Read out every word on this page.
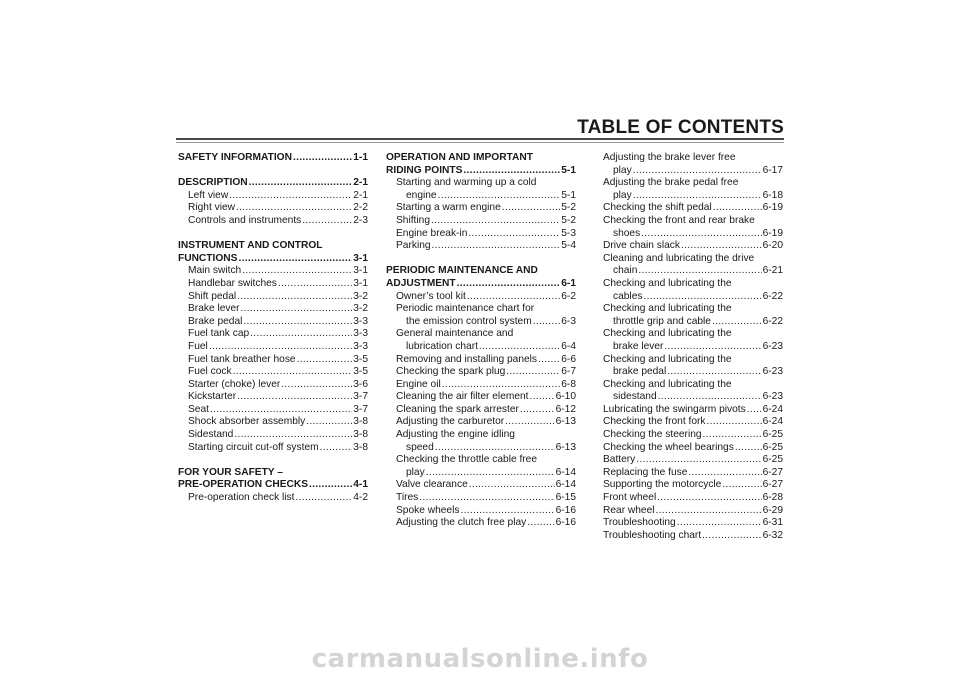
TABLE OF CONTENTS
SAFETY INFORMATION .....	1-1
DESCRIPTION .....	2-1
Left view .....	2-1
Right view .....	2-2
Controls and instruments .....	2-3
INSTRUMENT AND CONTROL
FUNCTIONS .....	3-1
Main switch .....	3-1
Handlebar switches .....	3-1
Shift pedal .....	3-2
Brake lever .....	3-2
Brake pedal .....	3-3
Fuel tank cap .....	3-3
Fuel .....	3-3
Fuel tank breather hose .....	3-5
Fuel cock .....	3-5
Starter (choke) lever .....	3-6
Kickstarter .....	3-7
Seat .....	3-7
Shock absorber assembly .....	3-8
Sidestand .....	3-8
Starting circuit cut-off system .....	3-8
FOR YOUR SAFETY –
PRE-OPERATION CHECKS .....	4-1
Pre-operation check list .....	4-2
OPERATION AND IMPORTANT
RIDING POINTS .....	5-1
Starting and warming up a cold
engine .....	5-1
Starting a warm engine .....	5-2
Shifting .....	5-2
Engine break-in .....	5-3
Parking .....	5-4
PERIODIC MAINTENANCE AND
ADJUSTMENT .....	6-1
Owner’s tool kit .....	6-2
Periodic maintenance chart for
the emission control system .....	6-3
General maintenance and
lubrication chart .....	6-4
Removing and installing panels ..... 6-6
Checking the spark plug .....	6-7
Engine oil .....	6-8
Cleaning the air filter element .....	6-10
Cleaning the spark arrester .....	6-12
Adjusting the carburetor .....	6-13
Adjusting the engine idling
speed .....	6-13
Checking the throttle cable free
play .....	6-14
Valve clearance .....	6-14
Tires .....	6-15
Spoke wheels .....	6-16
Adjusting the clutch free play .....	6-16
Adjusting the brake lever free
play .....	6-17
Adjusting the brake pedal free
play .....	6-18
Checking the shift pedal .....	6-19
Checking the front and rear brake
shoes .....	6-19
Drive chain slack .....	6-20
Cleaning and lubricating the drive
chain .....	6-21
Checking and lubricating the
cables .....	6-22
Checking and lubricating the
throttle grip and cable .....	6-22
Checking and lubricating the
brake lever .....	6-23
Checking and lubricating the
brake pedal .....	6-23
Checking and lubricating the
sidestand .....	6-23
Lubricating the swingarm pivots ..... 6-24
Checking the front fork .....	6-24
Checking the steering .....	6-25
Checking the wheel bearings .....	6-25
Battery .....	6-25
Replacing the fuse .....	6-27
Supporting the motorcycle .....	6-27
Front wheel .....	6-28
Rear wheel .....	6-29
Troubleshooting .....	6-31
Troubleshooting chart .....	6-32
carmanualsonline.info
